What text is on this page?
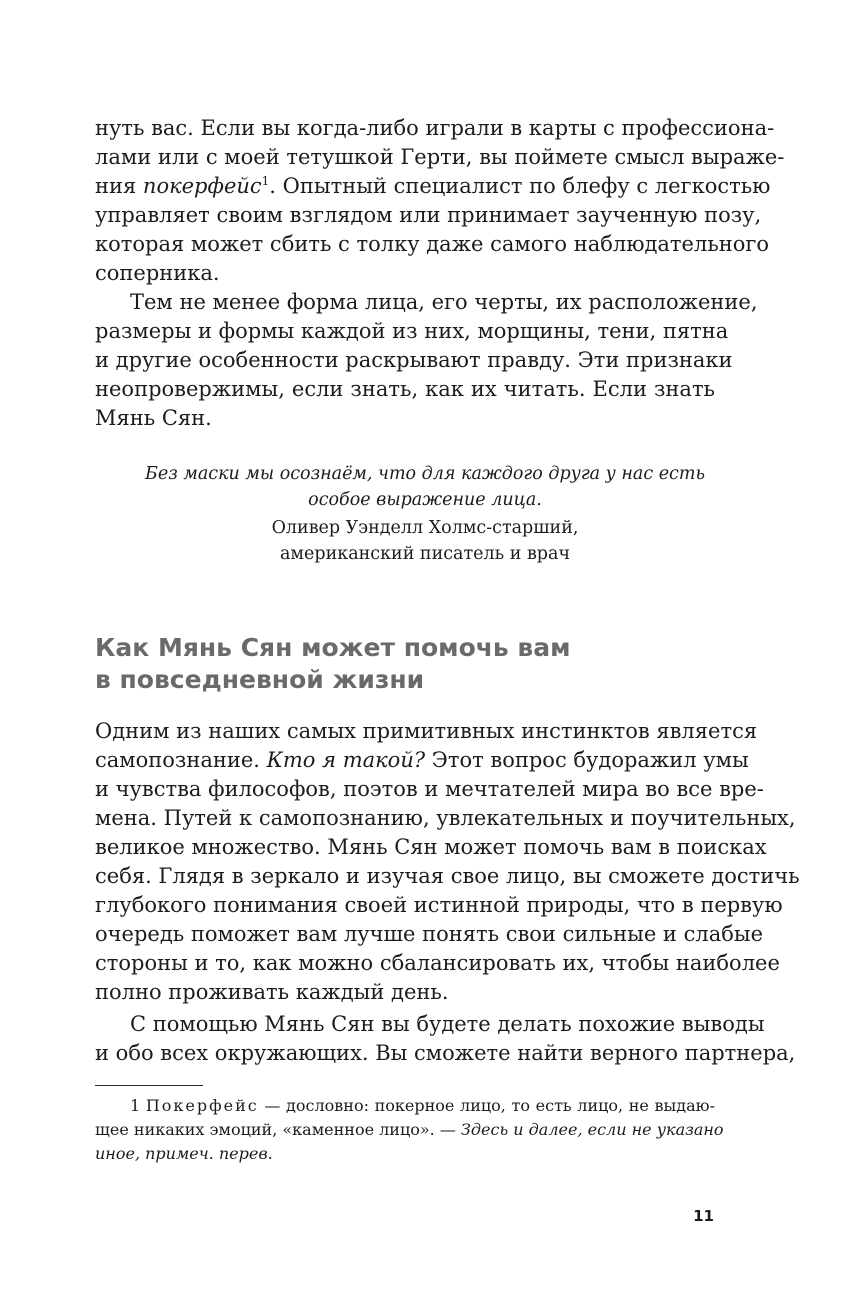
нуть вас. Если вы когда-либо играли в карты с профессиона-
лами или с моей тетушкой Герти, вы поймете смысл выраже-
ния покерфейс$^1$. Опытный специалист по блефу с легкостью
управляет своим взглядом или принимает заученную позу,
которая может сбить с толку даже самого наблюдательного
соперника.
Тем не менее форма лица, его черты, их расположение,
размеры и формы каждой из них, морщины, тени, пятна
и другие особенности раскрывают правду. Эти признаки
неопровержимы, если знать, как их читать. Если знать
Мянь Сян.
Без маски мы осознаём, что для каждого друга у нас есть
особое выражение лица.
Оливер Уэнделл Холмс-старший,
американский писатель и врач
Как Мянь Сян может помочь вам
в повседневной жизни
Одним из наших самых примитивных инстинктов является
самопознание. Кто я такой? Этот вопрос будоражил умы
и чувства философов, поэтов и мечтателей мира во все вре-
мена. Путей к самопознанию, увлекательных и поучительных,
великое множество. Мянь Сян может помочь вам в поисках
себя. Глядя в зеркало и изучая свое лицо, вы сможете достичь
глубокого понимания своей истинной природы, что в первую
очередь поможет вам лучше понять свои сильные и слабые
стороны и то, как можно сбалансировать их, чтобы наиболее
полно проживать каждый день.
С помощью Мянь Сян вы будете делать похожие выводы
и обо всех окружающих. Вы сможете найти верного партнера,
1 Покерфейс — дословно: покерное лицо, то есть лицо, не выдаю-
щее никаких эмоций, «каменное лицо». — Здесь и далее, если не указано
иное, примеч. перев.
11
